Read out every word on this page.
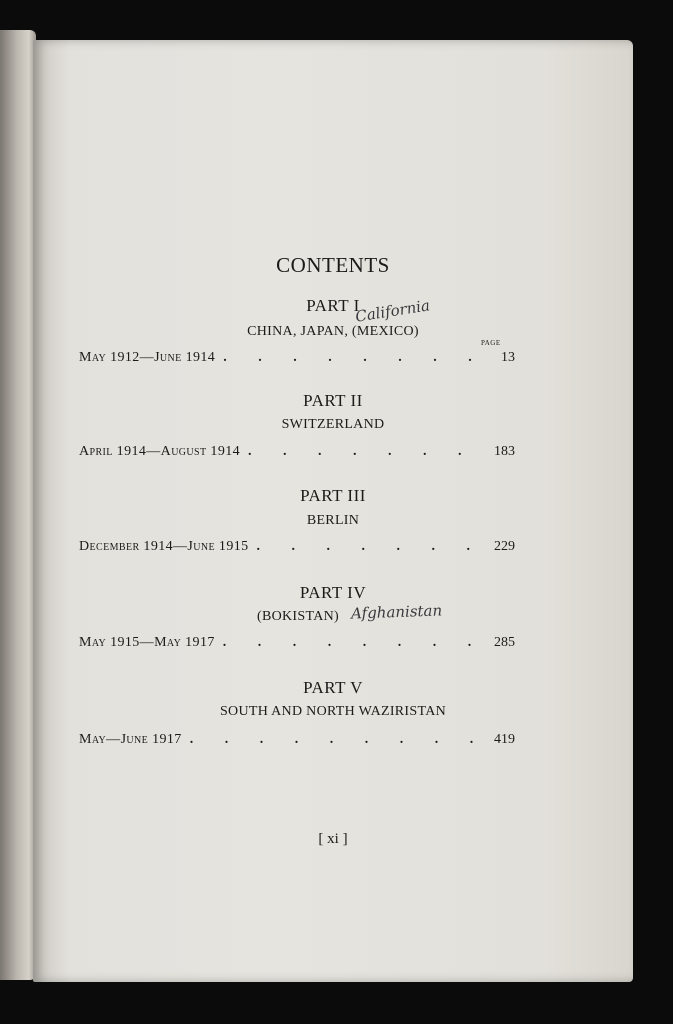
CONTENTS
PART I
California
CHINA, JAPAN, (MEXICO)
PAGE
May 1912—June 1914 . . .	13
PART II
SWITZERLAND
April 1914—August 1914 . . .	183
PART III
BERLIN
December 1914—June 1915 . . .	229
PART IV
(BOKISTAN) Afghanistan
May 1915—May 1917 . . .	285
PART V
SOUTH AND NORTH WAZIRISTAN
May—June 1917 . . .	419
[ xi ]
